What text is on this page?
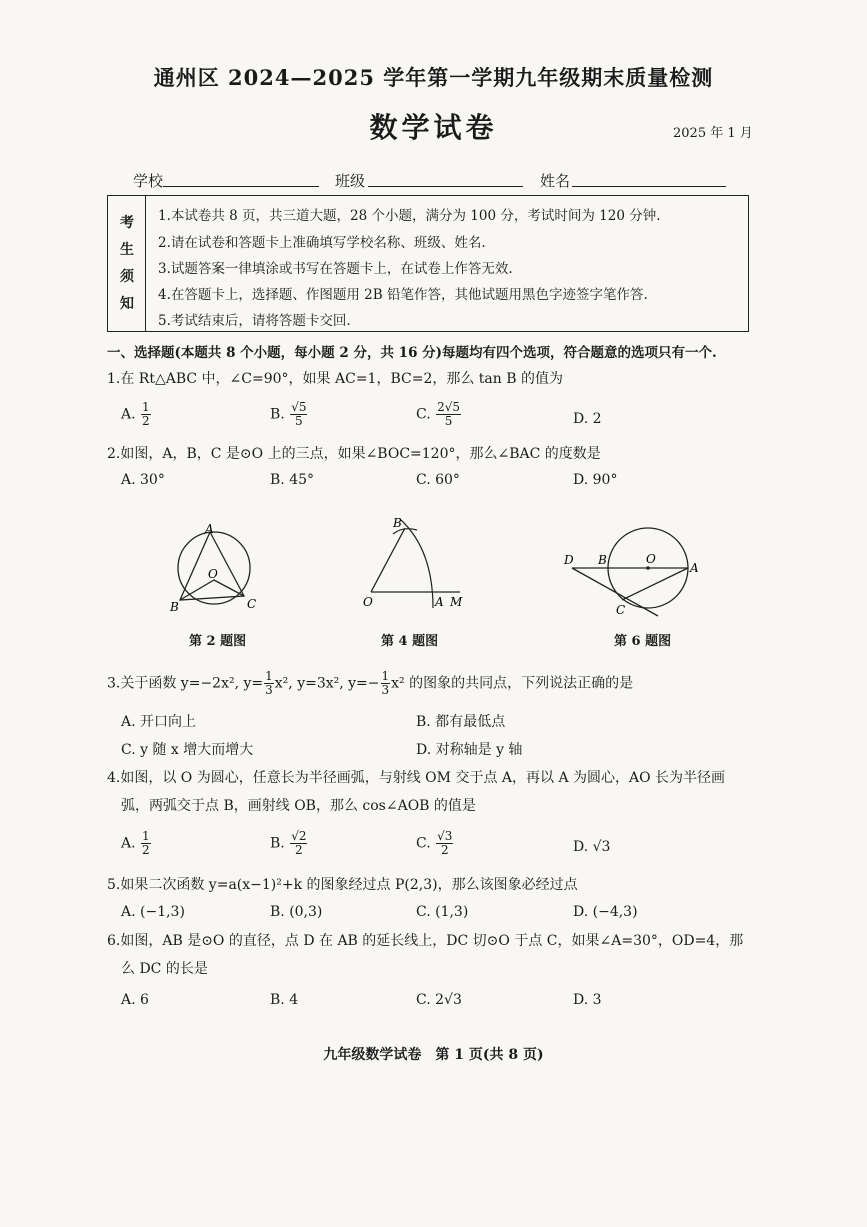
通州区 2024—2025 学年第一学期九年级期末质量检测
数学试卷	2025 年 1 月
学校	班级	姓名
考
生
须
知
1.本试卷共 8 页，共三道大题，28 个小题，满分为 100 分，考试时间为 120 分钟.
2.请在试卷和答题卡上准确填写学校名称、班级、姓名.
3.试题答案一律填涂或书写在答题卡上，在试卷上作答无效.
4.在答题卡上，选择题、作图题用 2B 铅笔作答，其他试题用黑色字迹签字笔作答.
5.考试结束后，请将答题卡交回.
一、选择题(本题共 8 个小题，每小题 2 分，共 16 分)每题均有四个选项，符合题意的选项只有一个.
1.在 Rt△ABC 中，∠C=90°，如果 AC=1，BC=2，那么 tan B 的值为
A. $\frac{1}{2}$	B. $\frac{√5}{5}$	C. $\frac{2√5}{5}$	D. 2
2.如图，A，B，C 是⊙O 上的三点，如果∠BOC=120°，那么∠BAC 的度数是
A. 30°	B. 45°	C. 60°	D. 90°
A
O
B	C
第 2 题图
B
O	A M
第 4 题图
D B	O
A
C
第 6 题图
3.关于函数 y=−2x², $y= \frac{1}{3} x^2$, y=3x², $y=- \frac{1}{3} x^2$ 的图象的共同点，下列说法正确的是
A. 开口向上	B. 都有最低点
C. y 随 x 增大而增大	D. 对称轴是 y 轴
4.如图，以 O 为圆心，任意长为半径画弧，与射线 OM 交于点 A，再以 A 为圆心，AO 长为半径画
弧，两弧交于点 B，画射线 OB，那么 cos∠AOB 的值是
A. $\frac{1}{2}$	B. $\frac{√2}{2}$	C. $\frac{√3}{2}$	D. √3
5.如果二次函数 y=a(x−1)²+k 的图象经过点 P(2,3)，那么该图象必经过点
A. (−1,3)	B. (0,3)	C. (1,3)	D. (−4,3)
6.如图，AB 是⊙O 的直径，点 D 在 AB 的延长线上，DC 切⊙O 于点 C，如果∠A=30°，OD=4，那
么 DC 的长是
A. 6	B. 4	C. 2√3	D. 3
九年级数学试卷　第 1 页(共 8 页)
